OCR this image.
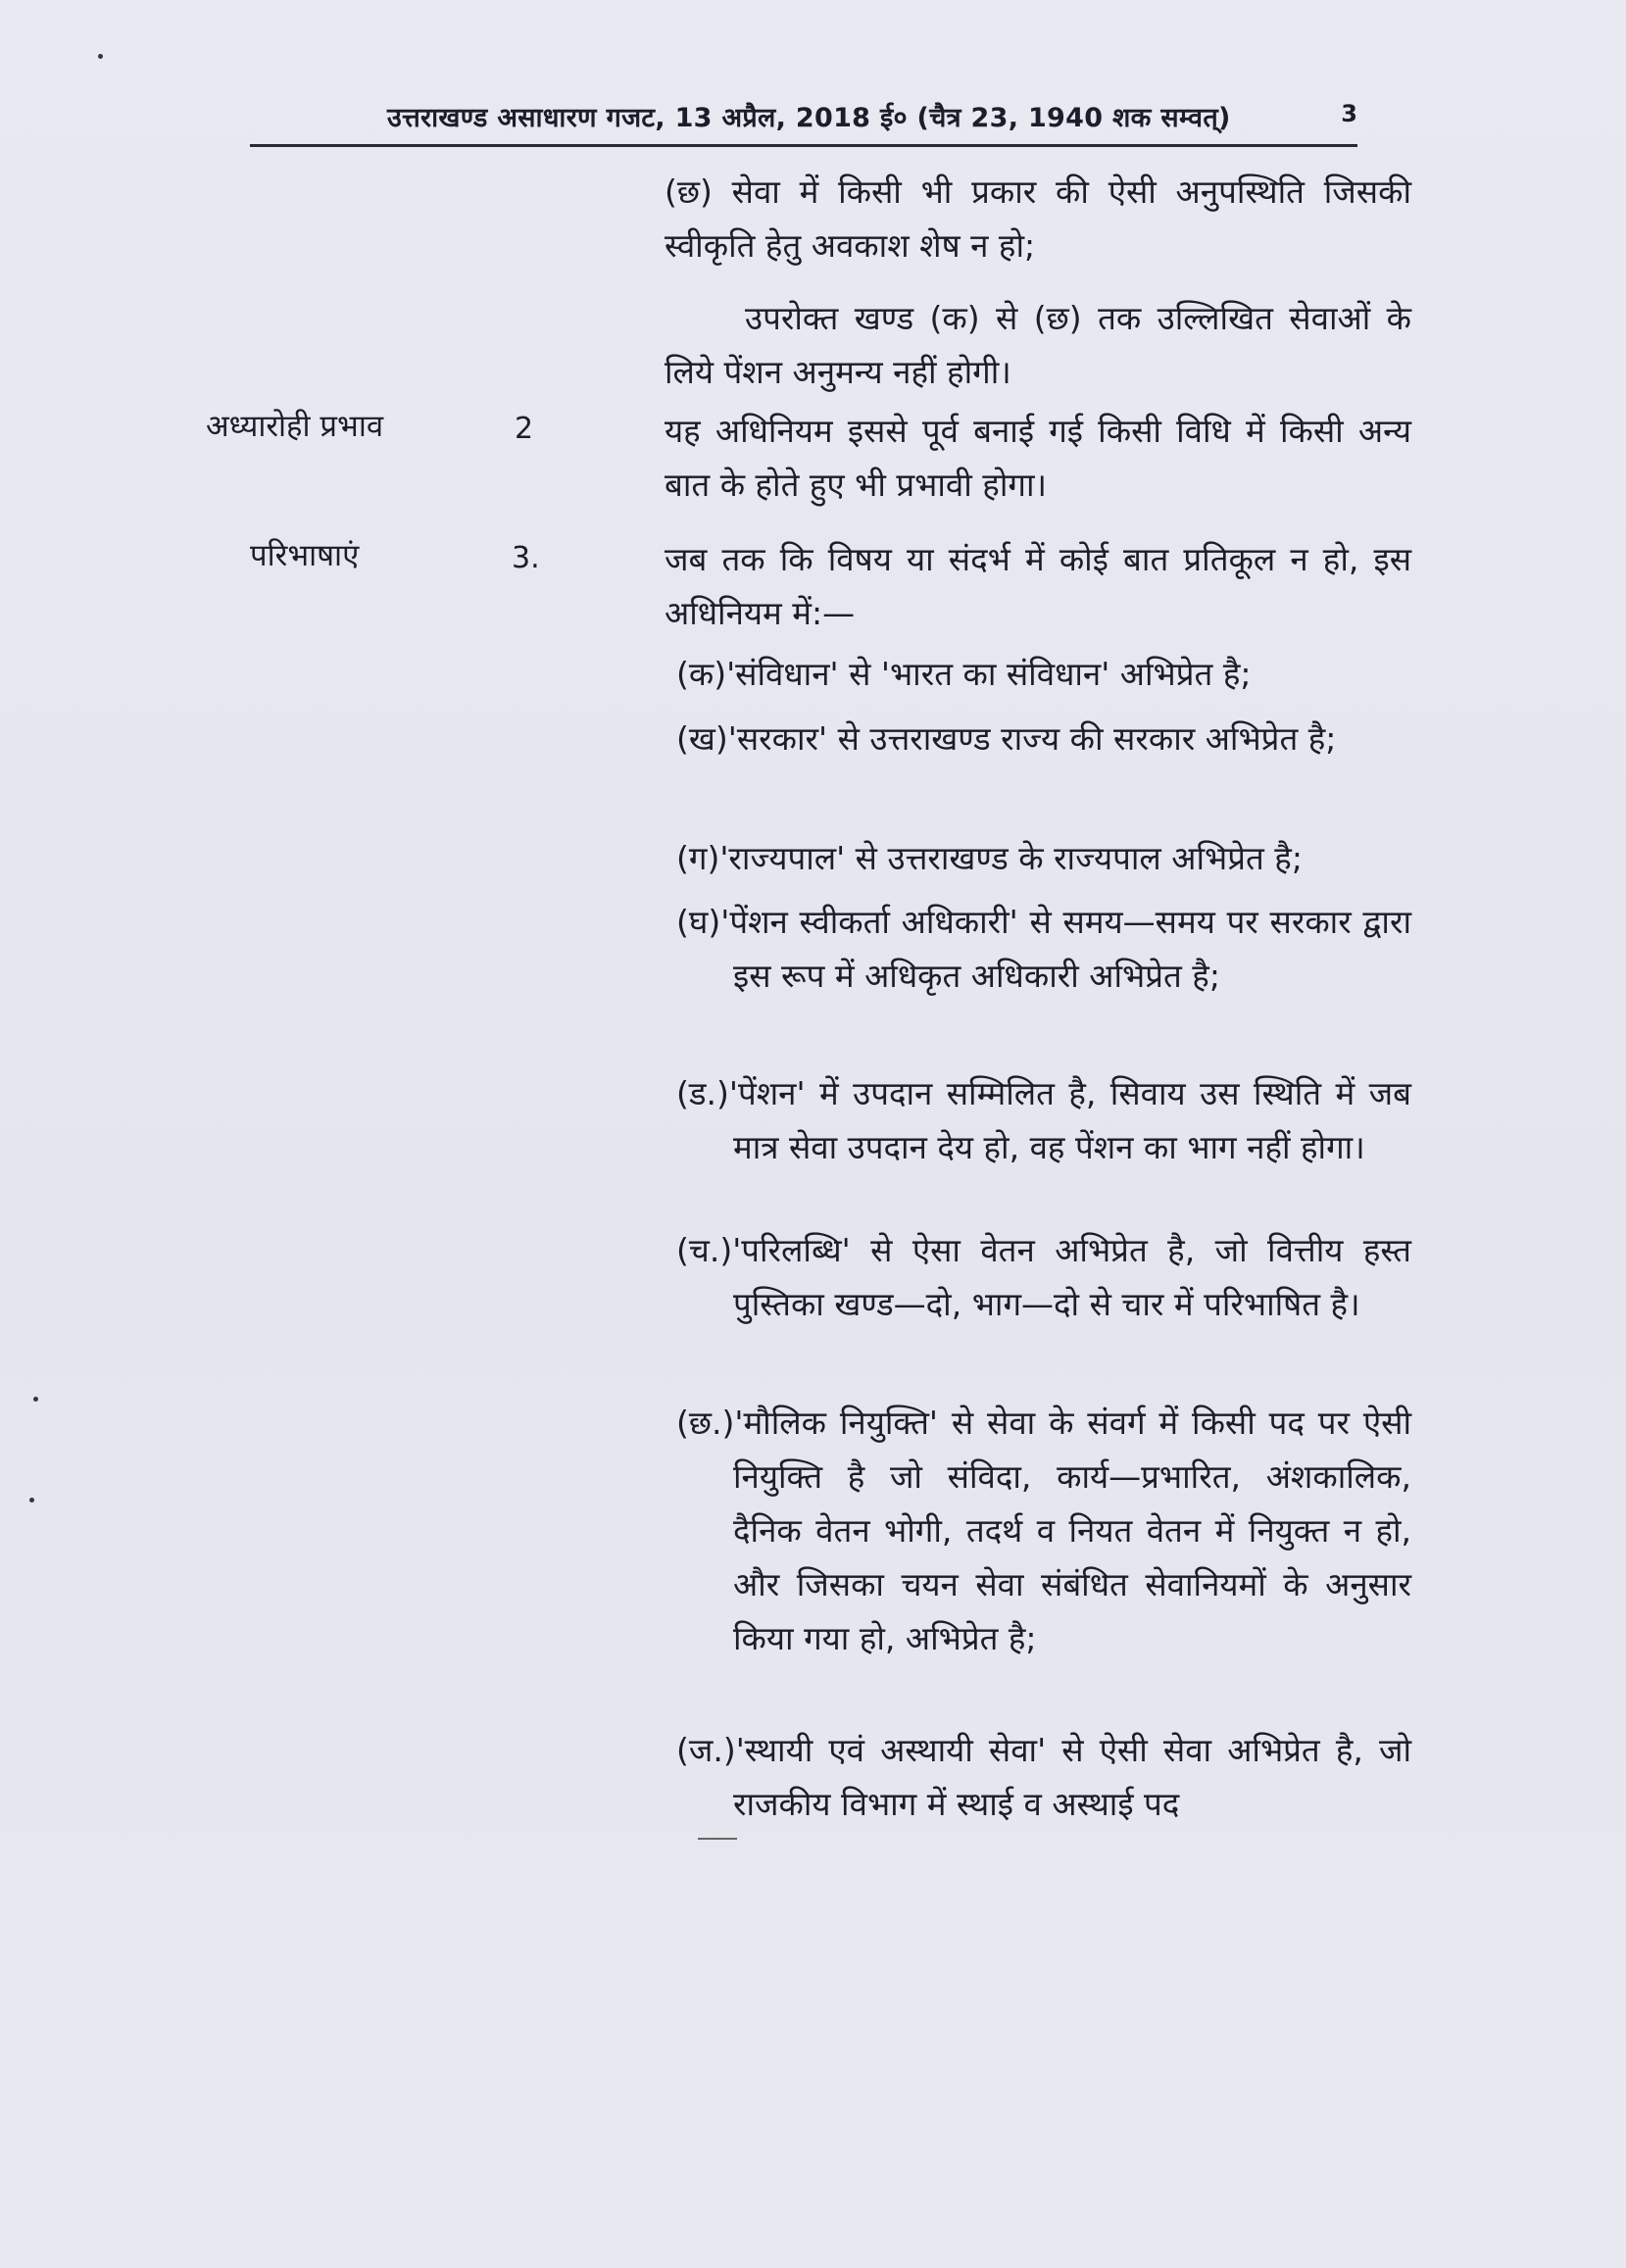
उत्तराखण्ड असाधारण गजट, 13 अप्रैल, 2018 ई० (चैत्र 23, 1940 शक सम्वत्)	3
(छ) सेवा में किसी भी प्रकार की ऐसी अनुपस्थिति जिसकी स्वीकृति हेतु अवकाश शेष न हो;
उपरोक्त खण्ड (क) से (छ) तक उल्लिखित सेवाओं के लिये पेंशन अनुमन्य नहीं होगी।
अध्यारोही प्रभाव	2	यह अधिनियम इससे पूर्व बनाई गई किसी विधि में किसी अन्य बात के होते हुए भी प्रभावी होगा।
परिभाषाएं	3.	जब तक कि विषय या संदर्भ में कोई बात प्रतिकूल न हो, इस अधिनियम में:—
(क)'संविधान' से 'भारत का संविधान' अभिप्रेत है;
(ख)'सरकार' से उत्तराखण्ड राज्य की सरकार अभिप्रेत है;
(ग)'राज्यपाल' से उत्तराखण्ड के राज्यपाल अभिप्रेत है;
(घ)'पेंशन स्वीकर्ता अधिकारी' से समय—समय पर सरकार द्वारा इस रूप में अधिकृत अधिकारी अभिप्रेत है;
(ड.)'पेंशन' में उपदान सम्मिलित है, सिवाय उस स्थिति में जब मात्र सेवा उपदान देय हो, वह पेंशन का भाग नहीं होगा।
(च.)'परिलब्धि' से ऐसा वेतन अभिप्रेत है, जो वित्तीय हस्त पुस्तिका खण्ड—दो, भाग—दो से चार में परिभाषित है।
(छ.)'मौलिक नियुक्ति' से सेवा के संवर्ग में किसी पद पर ऐसी नियुक्ति है जो संविदा, कार्य—प्रभारित, अंशकालिक, दैनिक वेतन भोगी, तदर्थ व नियत वेतन में नियुक्त न हो, और जिसका चयन सेवा संबंधित सेवानियमों के अनुसार किया गया हो, अभिप्रेत है;
(ज.)'स्थायी एवं अस्थायी सेवा' से ऐसी सेवा अभिप्रेत है, जो राजकीय विभाग में स्थाई व अस्थाई पद
